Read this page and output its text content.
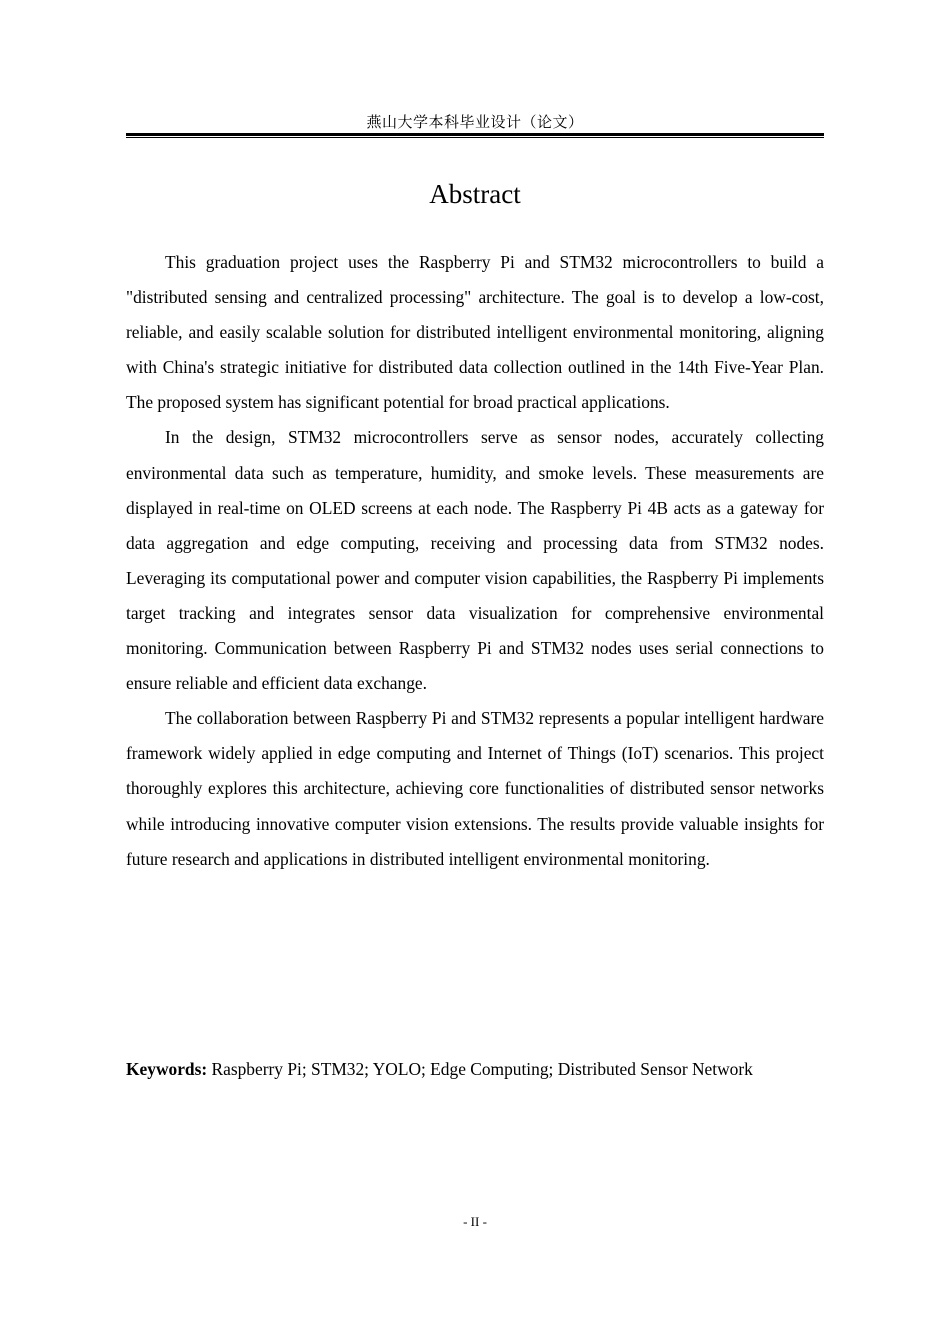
燕山大学本科毕业设计（论文）
Abstract

This graduation project uses the Raspberry Pi and STM32 microcontrollers to build a "distributed sensing and centralized processing" architecture. The goal is to develop a low-cost, reliable, and easily scalable solution for distributed intelligent environmental monitoring, aligning with China's strategic initiative for distributed data collection outlined in the 14th Five-Year Plan. The proposed system has significant potential for broad practical applications.

In the design, STM32 microcontrollers serve as sensor nodes, accurately collecting environmental data such as temperature, humidity, and smoke levels. These measurements are displayed in real-time on OLED screens at each node. The Raspberry Pi 4B acts as a gateway for data aggregation and edge computing, receiving and processing data from STM32 nodes. Leveraging its computational power and computer vision capabilities, the Raspberry Pi implements target tracking and integrates sensor data visualization for comprehensive environmental monitoring. Communication between Raspberry Pi and STM32 nodes uses serial connections to ensure reliable and efficient data exchange.

The collaboration between Raspberry Pi and STM32 represents a popular intelligent hardware framework widely applied in edge computing and Internet of Things (IoT) scenarios. This project thoroughly explores this architecture, achieving core functionalities of distributed sensor networks while introducing innovative computer vision extensions. The results provide valuable insights for future research and applications in distributed intelligent environmental monitoring.

Keywords: Raspberry Pi; STM32; YOLO; Edge Computing; Distributed Sensor Network
- II -
